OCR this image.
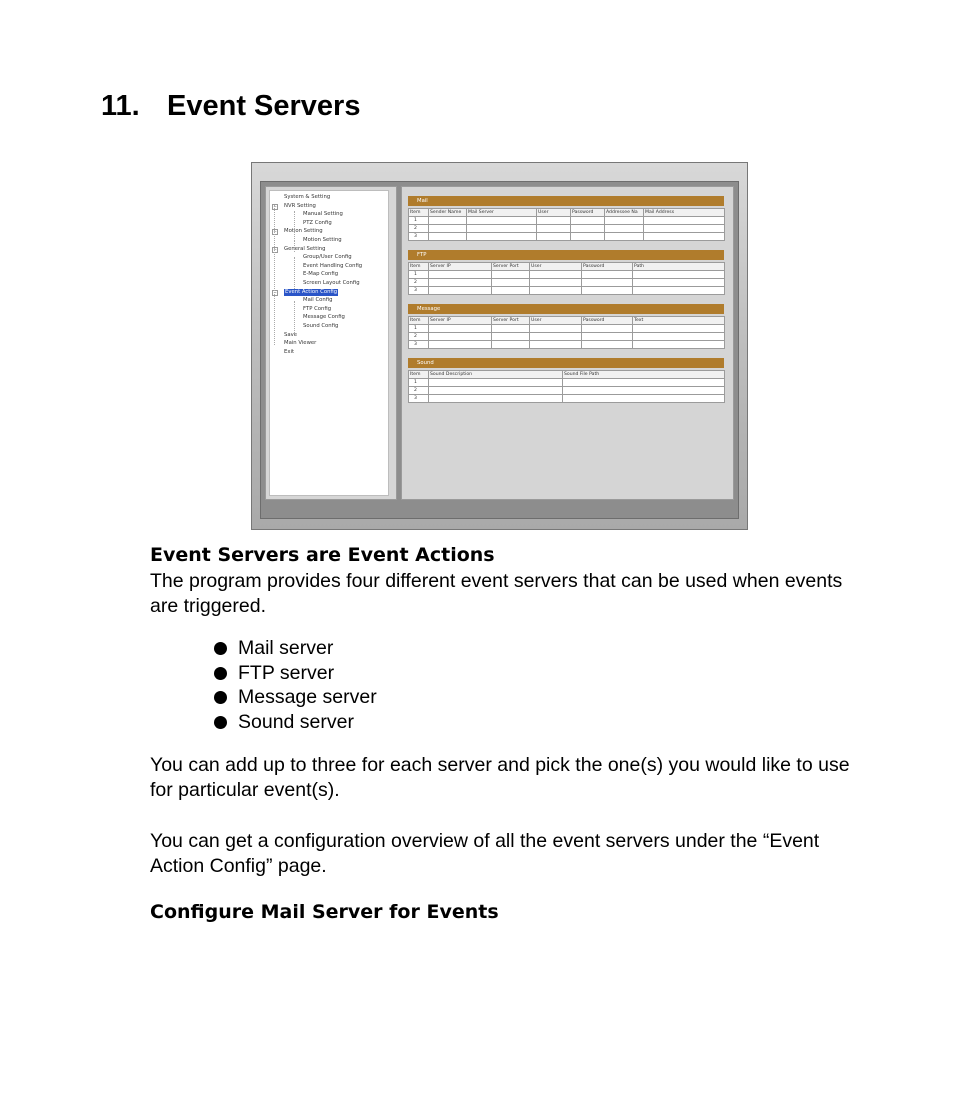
11. Event Servers
System & Setting
− NVR Setting
Manual Setting
PTZ Config
− Motion Setting
Motion Setting
− General Setting
Group/User Config
Event Handling Config
E-Map Config
Screen Layout Config
− Event Action Config
Mail Config
FTP Config
Message Config
Sound Config
Save
Main Viewer
Exit
Mail
Item	Sender Name	Mail Server	User	Password	Addressee Na	Mail Address
1						
2						
3						
FTP
Item	Server IP	Server Port	User	Password	Path
1					
2					
3					
Message
Item	Server IP	Server Port	User	Password	Text
1					
2					
3					
Sound
Item	Sound Description	Sound File Path
1		
2		
3		
Event Servers are Event Actions
The program provides four different event servers that can be used when events are triggered.
Mail server
FTP server
Message server
Sound server
You can add up to three for each server and pick the one(s) you would like to use for particular event(s).
You can get a configuration overview of all the event servers under the “Event Action Config” page.
Configure Mail Server for Events
